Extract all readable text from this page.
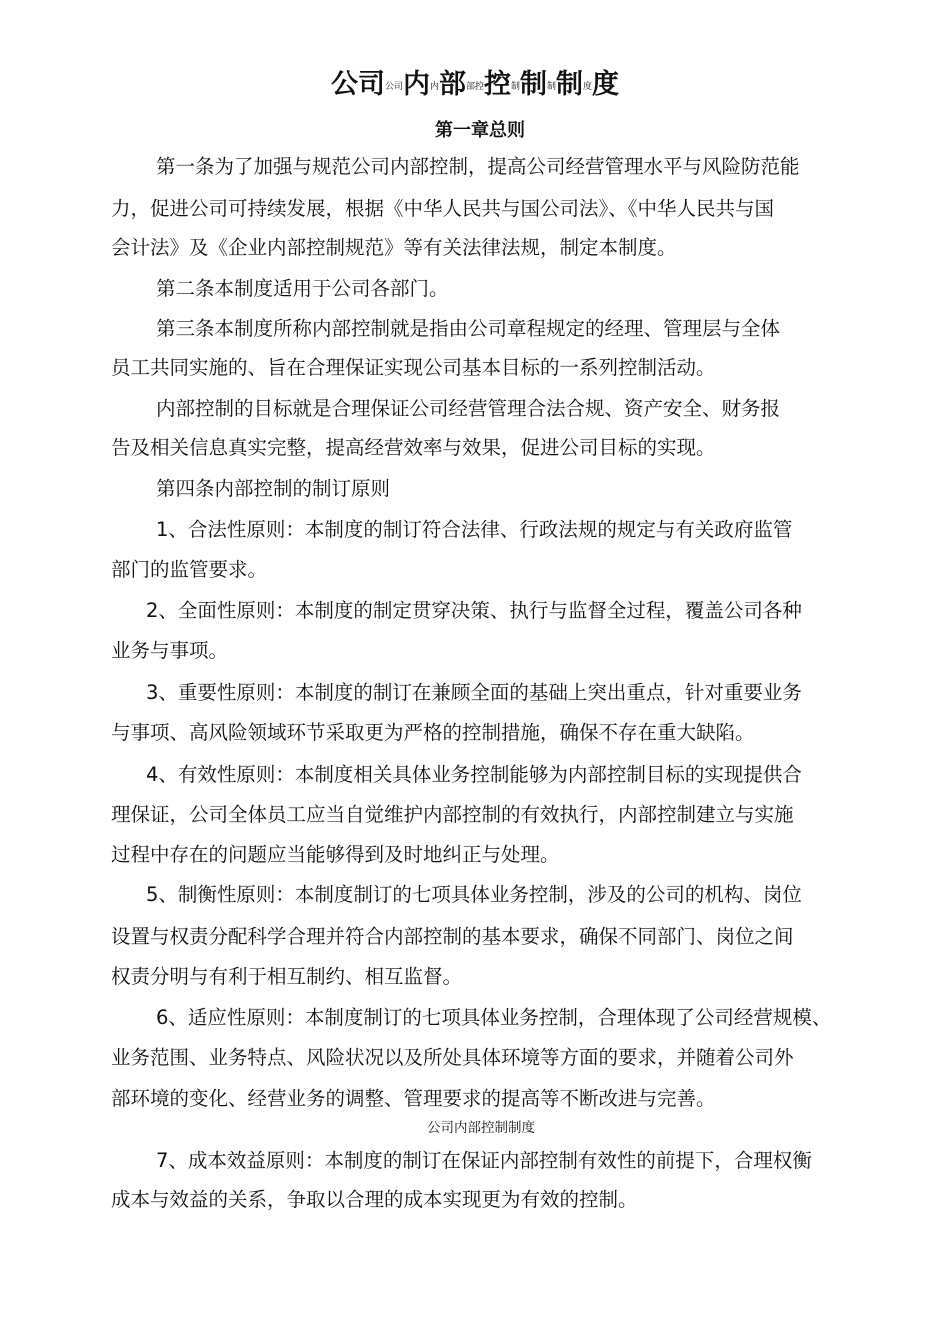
公司公司内内部部控控制制制制度度
第一章总则
第一条为了加强与规范公司内部控制，提高公司经营管理水平与风险防范能
力，促进公司可持续发展，根据《中华人民共与国公司法》、《中华人民共与国
会计法》及《企业内部控制规范》等有关法律法规，制定本制度。
第二条本制度适用于公司各部门。
第三条本制度所称内部控制就是指由公司章程规定的经理、管理层与全体
员工共同实施的、旨在合理保证实现公司基本目标的一系列控制活动。
内部控制的目标就是合理保证公司经营管理合法合规、资产安全、财务报
告及相关信息真实完整，提高经营效率与效果，促进公司目标的实现。
第四条内部控制的制订原则
1、合法性原则：本制度的制订符合法律、行政法规的规定与有关政府监管
部门的监管要求。
2、全面性原则：本制度的制定贯穿决策、执行与监督全过程，覆盖公司各种
业务与事项。
3、重要性原则：本制度的制订在兼顾全面的基础上突出重点，针对重要业务
与事项、高风险领域环节采取更为严格的控制措施，确保不存在重大缺陷。
4、有效性原则：本制度相关具体业务控制能够为内部控制目标的实现提供合
理保证，公司全体员工应当自觉维护内部控制的有效执行，内部控制建立与实施
过程中存在的问题应当能够得到及时地纠正与处理。
5、制衡性原则：本制度制订的七项具体业务控制，涉及的公司的机构、岗位
设置与权责分配科学合理并符合内部控制的基本要求，确保不同部门、岗位之间
权责分明与有利于相互制约、相互监督。
6、适应性原则：本制度制订的七项具体业务控制，合理体现了公司经营规模、
业务范围、业务特点、风险状况以及所处具体环境等方面的要求，并随着公司外
部环境的变化、经营业务的调整、管理要求的提高等不断改进与完善。
公司内部控制制度
7、成本效益原则：本制度的制订在保证内部控制有效性的前提下，合理权衡
成本与效益的关系，争取以合理的成本实现更为有效的控制。
